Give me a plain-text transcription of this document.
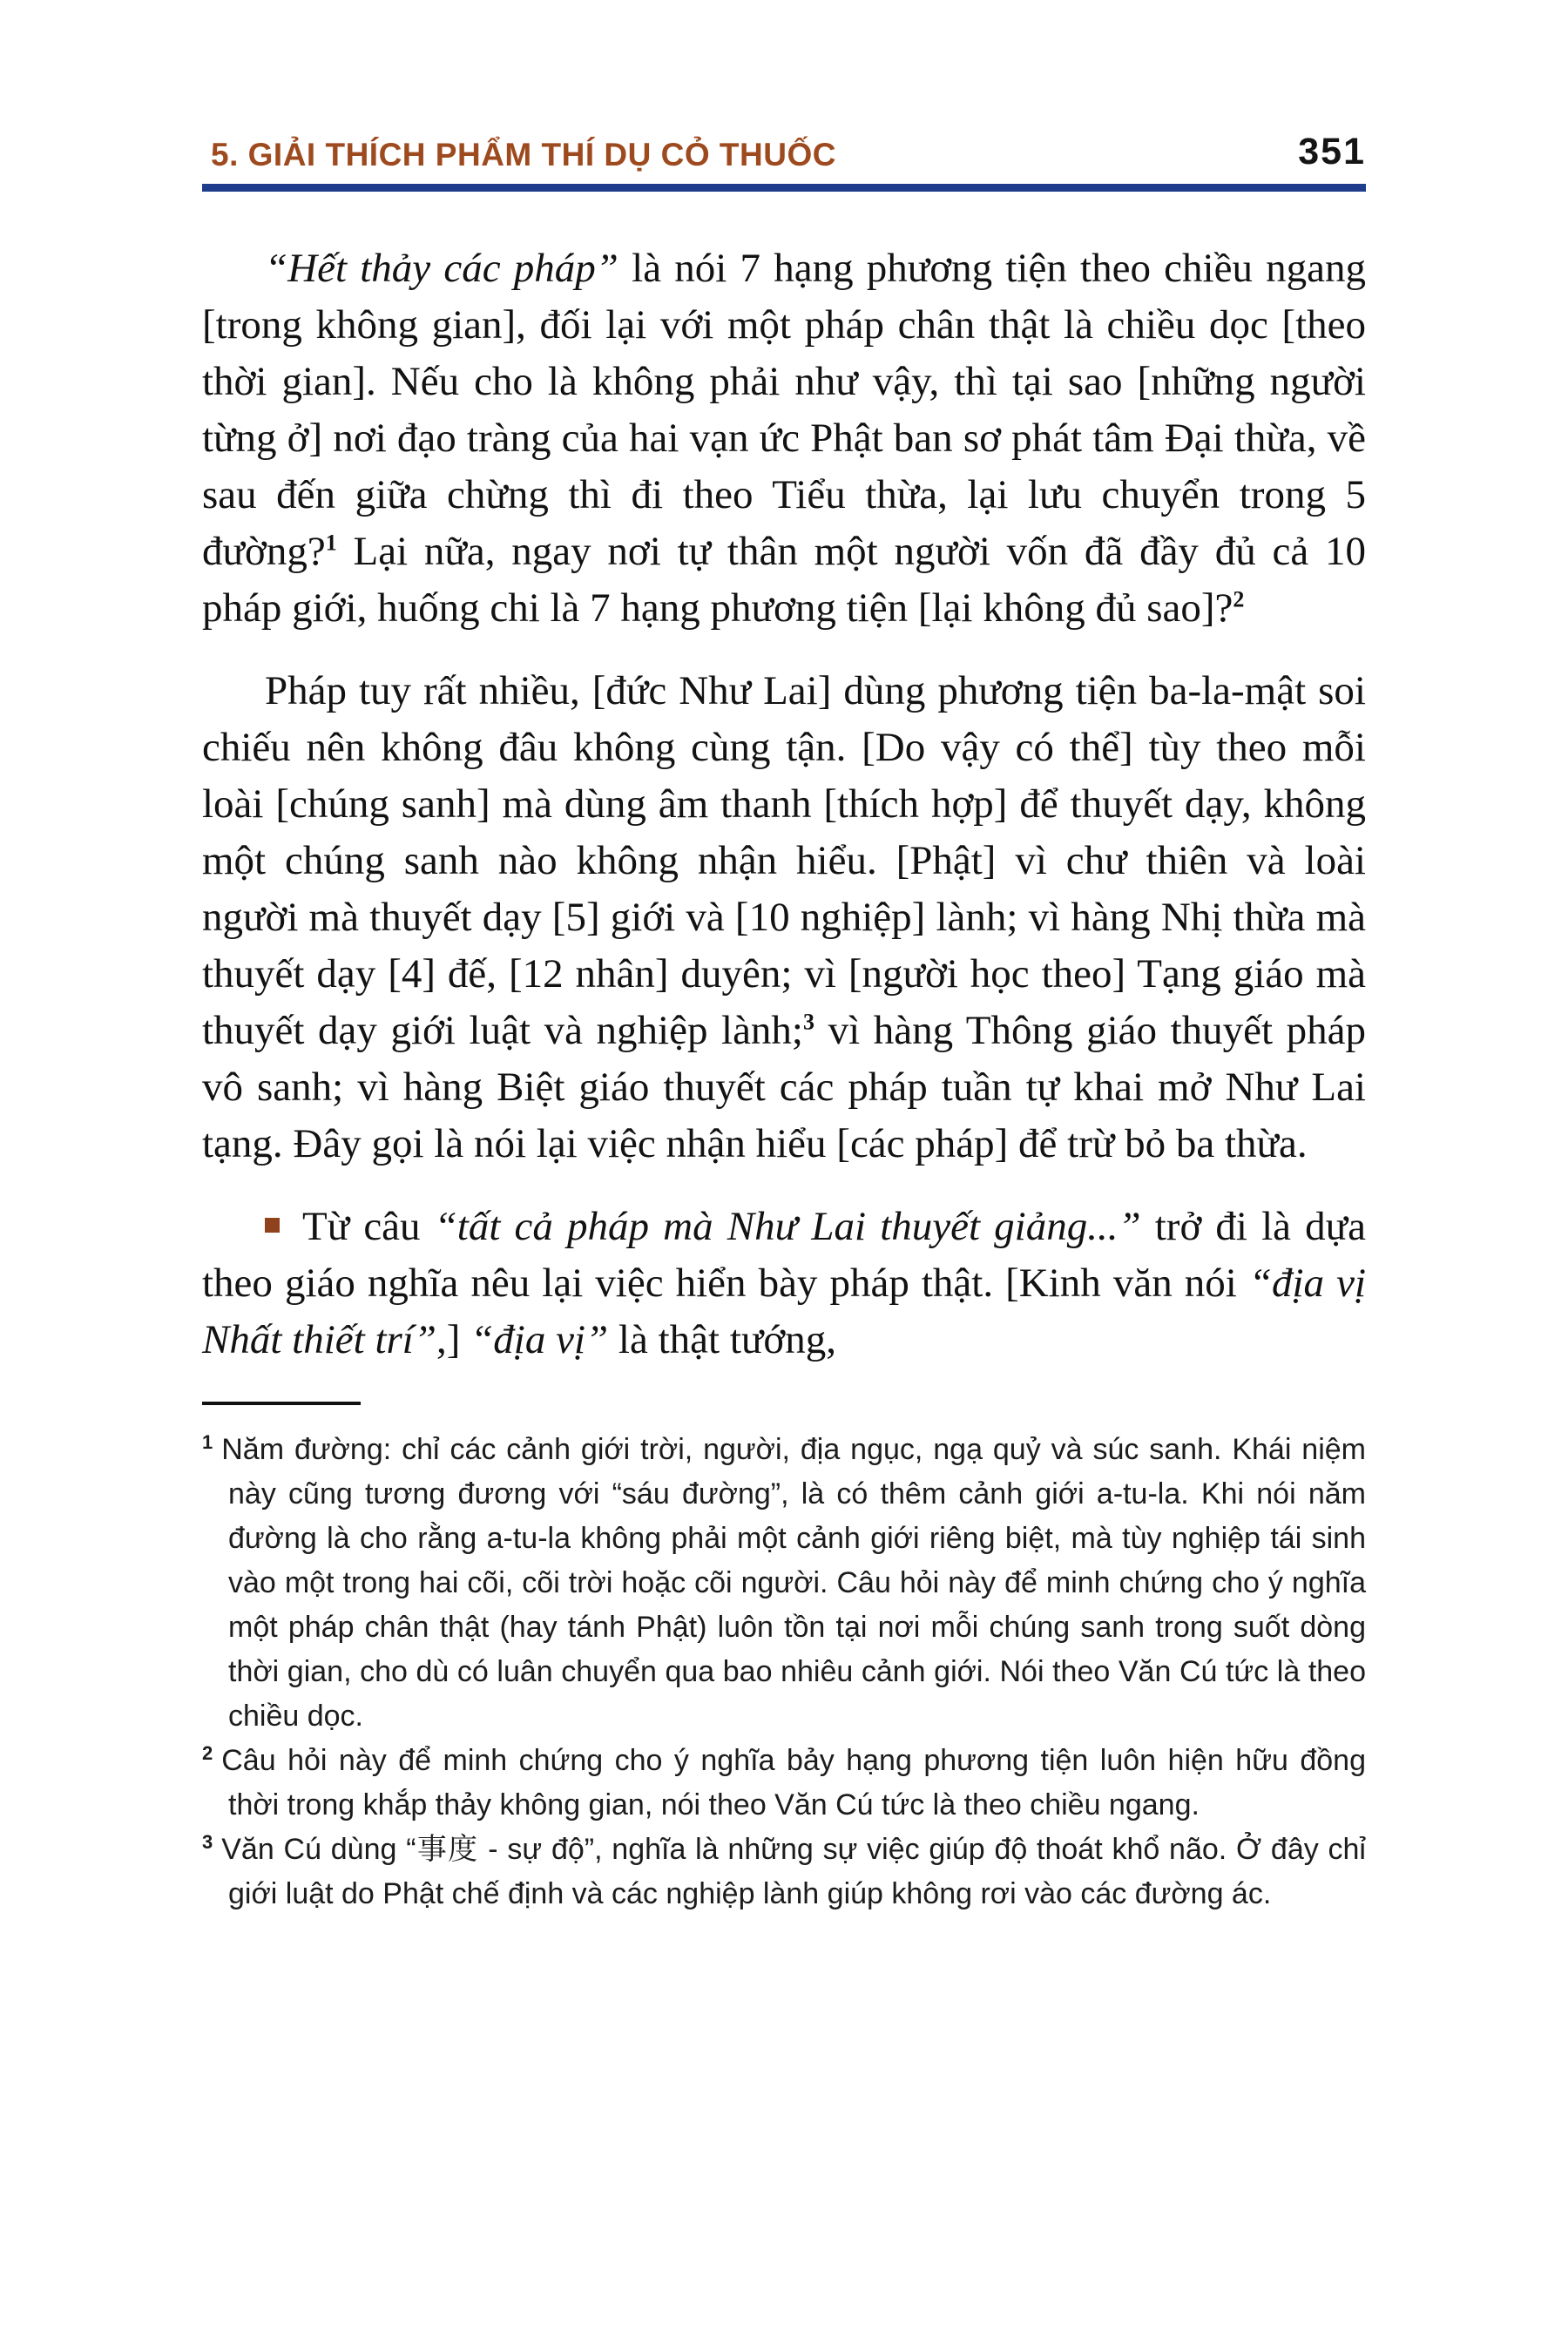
5. GIẢI THÍCH PHẨM THÍ DỤ CỎ THUỐC	351

“Hết thảy các pháp” là nói 7 hạng phương tiện theo chiều ngang [trong không gian], đối lại với một pháp chân thật là chiều dọc [theo thời gian]. Nếu cho là không phải như vậy, thì tại sao [những người từng ở] nơi đạo tràng của hai vạn ức Phật ban sơ phát tâm Đại thừa, về sau đến giữa chừng thì đi theo Tiểu thừa, lại lưu chuyển trong 5 đường?$^1$ Lại nữa, ngay nơi tự thân một người vốn đã đầy đủ cả 10 pháp giới, huống chi là 7 hạng phương tiện [lại không đủ sao]?$^2$

Pháp tuy rất nhiều, [đức Như Lai] dùng phương tiện ba-la-mật soi chiếu nên không đâu không cùng tận. [Do vậy có thể] tùy theo mỗi loài [chúng sanh] mà dùng âm thanh [thích hợp] để thuyết dạy, không một chúng sanh nào không nhận hiểu. [Phật] vì chư thiên và loài người mà thuyết dạy [5] giới và [10 nghiệp] lành; vì hàng Nhị thừa mà thuyết dạy [4] đế, [12 nhân] duyên; vì [người học theo] Tạng giáo mà thuyết dạy giới luật và nghiệp lành;$^3$ vì hàng Thông giáo thuyết pháp vô sanh; vì hàng Biệt giáo thuyết các pháp tuần tự khai mở Như Lai tạng. Đây gọi là nói lại việc nhận hiểu [các pháp] để trừ bỏ ba thừa.

Từ câu “tất cả pháp mà Như Lai thuyết giảng...” trở đi là dựa theo giáo nghĩa nêu lại việc hiển bày pháp thật. [Kinh văn nói “địa vị Nhất thiết trí”,] “địa vị” là thật tướng,

$^1$ Năm đường: chỉ các cảnh giới trời, người, địa ngục, ngạ quỷ và súc sanh. Khái niệm này cũng tương đương với “sáu đường”, là có thêm cảnh giới a-tu-la. Khi nói năm đường là cho rằng a-tu-la không phải một cảnh giới riêng biệt, mà tùy nghiệp tái sinh vào một trong hai cõi, cõi trời hoặc cõi người. Câu hỏi này để minh chứng cho ý nghĩa một pháp chân thật (hay tánh Phật) luôn tồn tại nơi mỗi chúng sanh trong suốt dòng thời gian, cho dù có luân chuyển qua bao nhiêu cảnh giới. Nói theo Văn Cú tức là theo chiều dọc.

$^2$ Câu hỏi này để minh chứng cho ý nghĩa bảy hạng phương tiện luôn hiện hữu đồng thời trong khắp thảy không gian, nói theo Văn Cú tức là theo chiều ngang.

$^3$ Văn Cú dùng “事度 - sự độ”, nghĩa là những sự việc giúp độ thoát khổ não. Ở đây chỉ giới luật do Phật chế định và các nghiệp lành giúp không rơi vào các đường ác.
